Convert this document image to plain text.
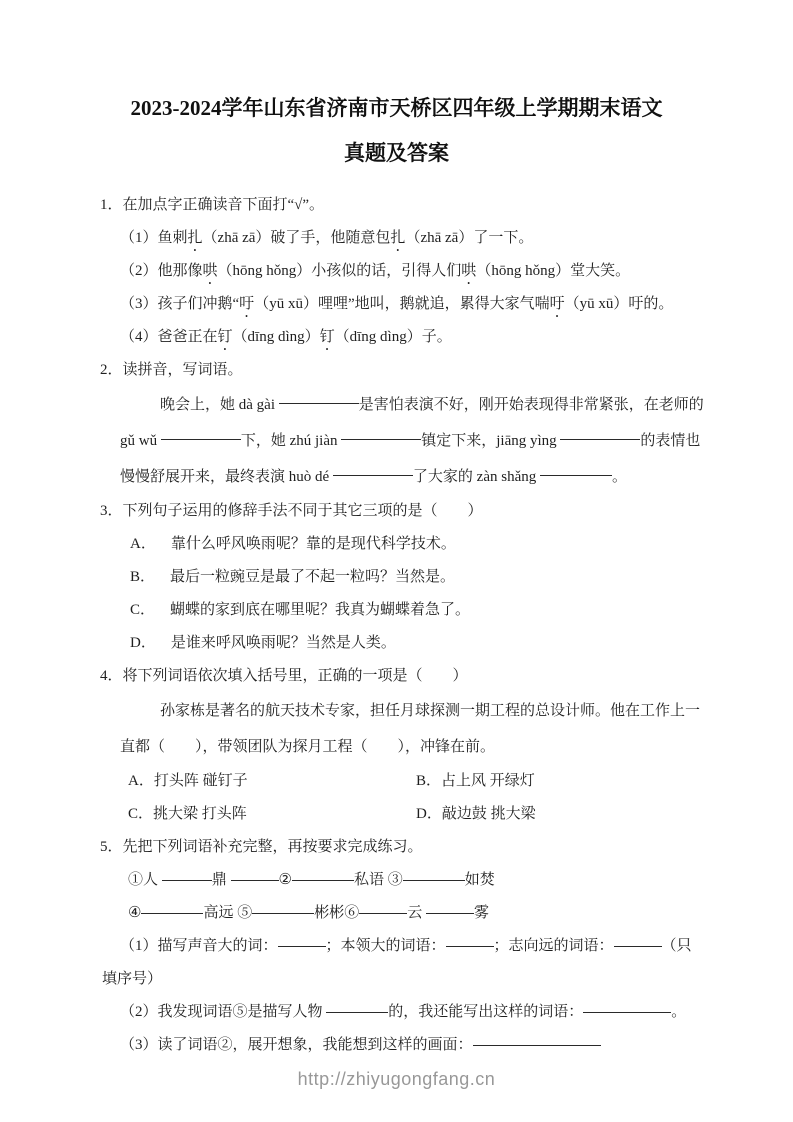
2023-2024学年山东省济南市天桥区四年级上学期期末语文
真题及答案
1．在加点字正确读音下面打“√”。
（1）鱼刺扎（zhā zā）破了手，他随意包扎（zhā zā）了一下。
（2）他那像哄（hōng hǒng）小孩似的话，引得人们哄（hōng hǒng）堂大笑。
（3）孩子们冲鹅“吁（yū xū）哩哩”地叫，鹅就追，累得大家气喘吁（yū xū）吁的。
（4）爸爸正在钉（dīng dìng）钉（dīng dìng）子。
2．读拼音，写词语。
晚会上，她 dà gài	是害怕表演不好，刚开始表现得非常紧张，在老师的
gǔ wǔ	下，她 zhú jiàn	镇定下来，jiāng yìng	的表情也
慢慢舒展开来，最终表演 huò dé	了大家的 zàn shǎng	。
3．下列句子运用的修辞手法不同于其它三项的是（　　）
A． 靠什么呼风唤雨呢？靠的是现代科学技术。
B． 最后一粒豌豆是最了不起一粒吗？当然是。
C． 蝴蝶的家到底在哪里呢？我真为蝴蝶着急了。
D． 是谁来呼风唤雨呢？当然是人类。
4．将下列词语依次填入括号里，正确的一项是（　　）
孙家栋是著名的航天技术专家，担任月球探测一期工程的总设计师。他在工作上一
直都（　　），带领团队为探月工程（　　），冲锋在前。
A．打头阵 碰钉子	B．占上风 开绿灯
C．挑大梁 打头阵	D．敲边鼓 挑大梁
5．先把下列词语补充完整，再按要求完成练习。
①人	鼎	②	私语 ③	如焚
④	高远 ⑤	彬彬⑥	云	雾
（1）描写声音大的词：	；本领大的词语：	；志向远的词语：	（只
填序号）
（2）我发现词语⑤是描写人物	的，我还能写出这样的词语：	。
（3）读了词语②，展开想象，我能想到这样的画面：
http://zhiyugongfang.cn
